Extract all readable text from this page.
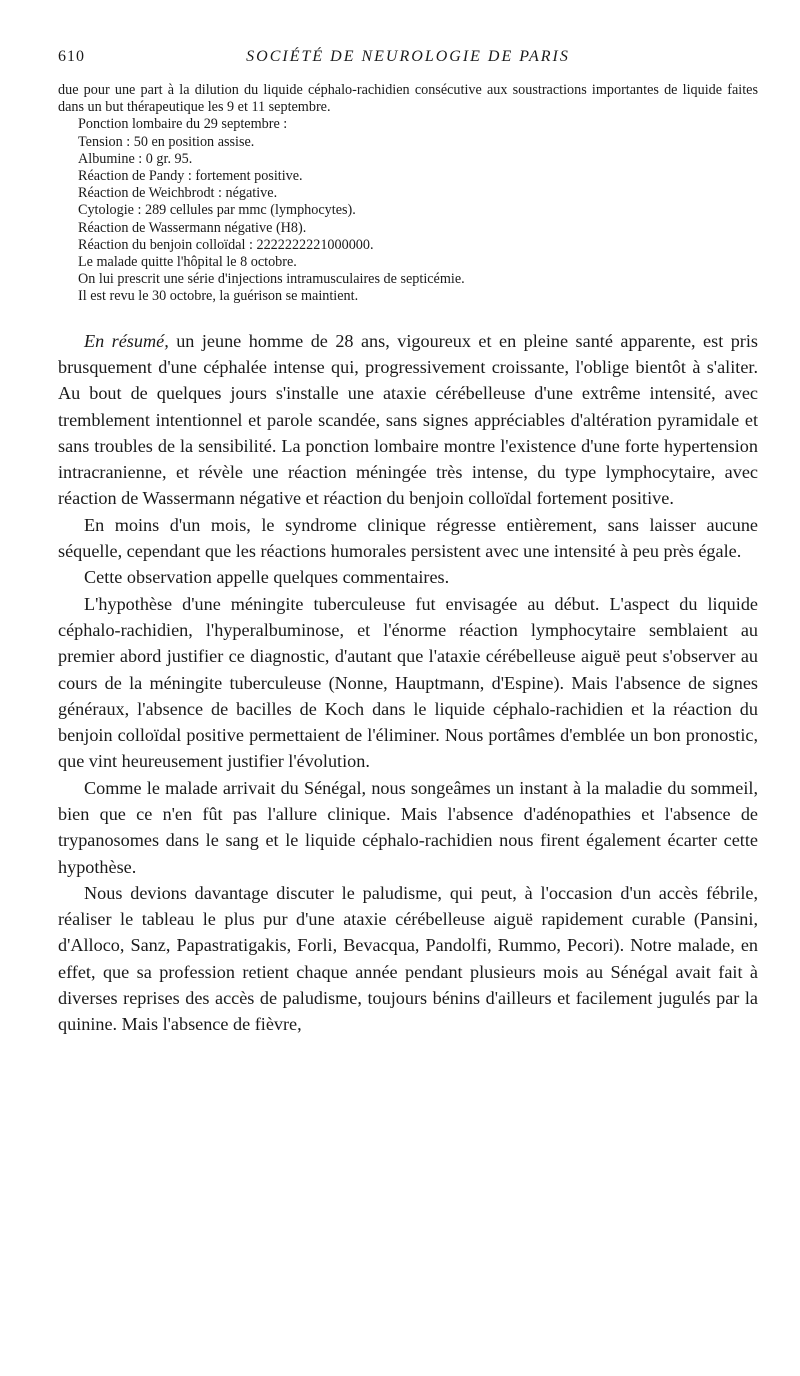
610	SOCIÉTÉ DE NEUROLOGIE DE PARIS

due pour une part à la dilution du liquide céphalo-rachidien consécutive aux soustractions importantes de liquide faites dans un but thérapeutique les 9 et 11 septembre.

Ponction lombaire du 29 septembre :

Tension : 50 en position assise.

Albumine : 0 gr. 95.

Réaction de Pandy : fortement positive.

Réaction de Weichbrodt : négative.

Cytologie : 289 cellules par mmc (lymphocytes).

Réaction de Wassermann négative (H8).

Réaction du benjoin colloïdal : 2222222221000000.

Le malade quitte l'hôpital le 8 octobre.

On lui prescrit une série d'injections intramusculaires de septicémie.

Il est revu le 30 octobre, la guérison se maintient.

En résumé, un jeune homme de 28 ans, vigoureux et en pleine santé apparente, est pris brusquement d'une céphalée intense qui, progressivement croissante, l'oblige bientôt à s'aliter. Au bout de quelques jours s'installe une ataxie cérébelleuse d'une extrême intensité, avec tremblement intentionnel et parole scandée, sans signes appréciables d'altération pyramidale et sans troubles de la sensibilité. La ponction lombaire montre l'existence d'une forte hypertension intracranienne, et révèle une réaction méningée très intense, du type lymphocytaire, avec réaction de Wassermann négative et réaction du benjoin colloïdal fortement positive.

En moins d'un mois, le syndrome clinique régresse entièrement, sans laisser aucune séquelle, cependant que les réactions humorales persistent avec une intensité à peu près égale.

Cette observation appelle quelques commentaires.

L'hypothèse d'une méningite tuberculeuse fut envisagée au début. L'aspect du liquide céphalo-rachidien, l'hyperalbuminose, et l'énorme réaction lymphocytaire semblaient au premier abord justifier ce diagnostic, d'autant que l'ataxie cérébelleuse aiguë peut s'observer au cours de la méningite tuberculeuse (Nonne, Hauptmann, d'Espine). Mais l'absence de signes généraux, l'absence de bacilles de Koch dans le liquide céphalo-rachidien et la réaction du benjoin colloïdal positive permettaient de l'éliminer. Nous portâmes d'emblée un bon pronostic, que vint heureusement justifier l'évolution.

Comme le malade arrivait du Sénégal, nous songeâmes un instant à la maladie du sommeil, bien que ce n'en fût pas l'allure clinique. Mais l'absence d'adénopathies et l'absence de trypanosomes dans le sang et le liquide céphalo-rachidien nous firent également écarter cette hypothèse.

Nous devions davantage discuter le paludisme, qui peut, à l'occasion d'un accès fébrile, réaliser le tableau le plus pur d'une ataxie cérébelleuse aiguë rapidement curable (Pansini, d'Alloco, Sanz, Papastratigakis, Forli, Bevacqua, Pandolfi, Rummo, Pecori). Notre malade, en effet, que sa profession retient chaque année pendant plusieurs mois au Sénégal avait fait à diverses reprises des accès de paludisme, toujours bénins d'ailleurs et facilement jugulés par la quinine. Mais l'absence de fièvre,
